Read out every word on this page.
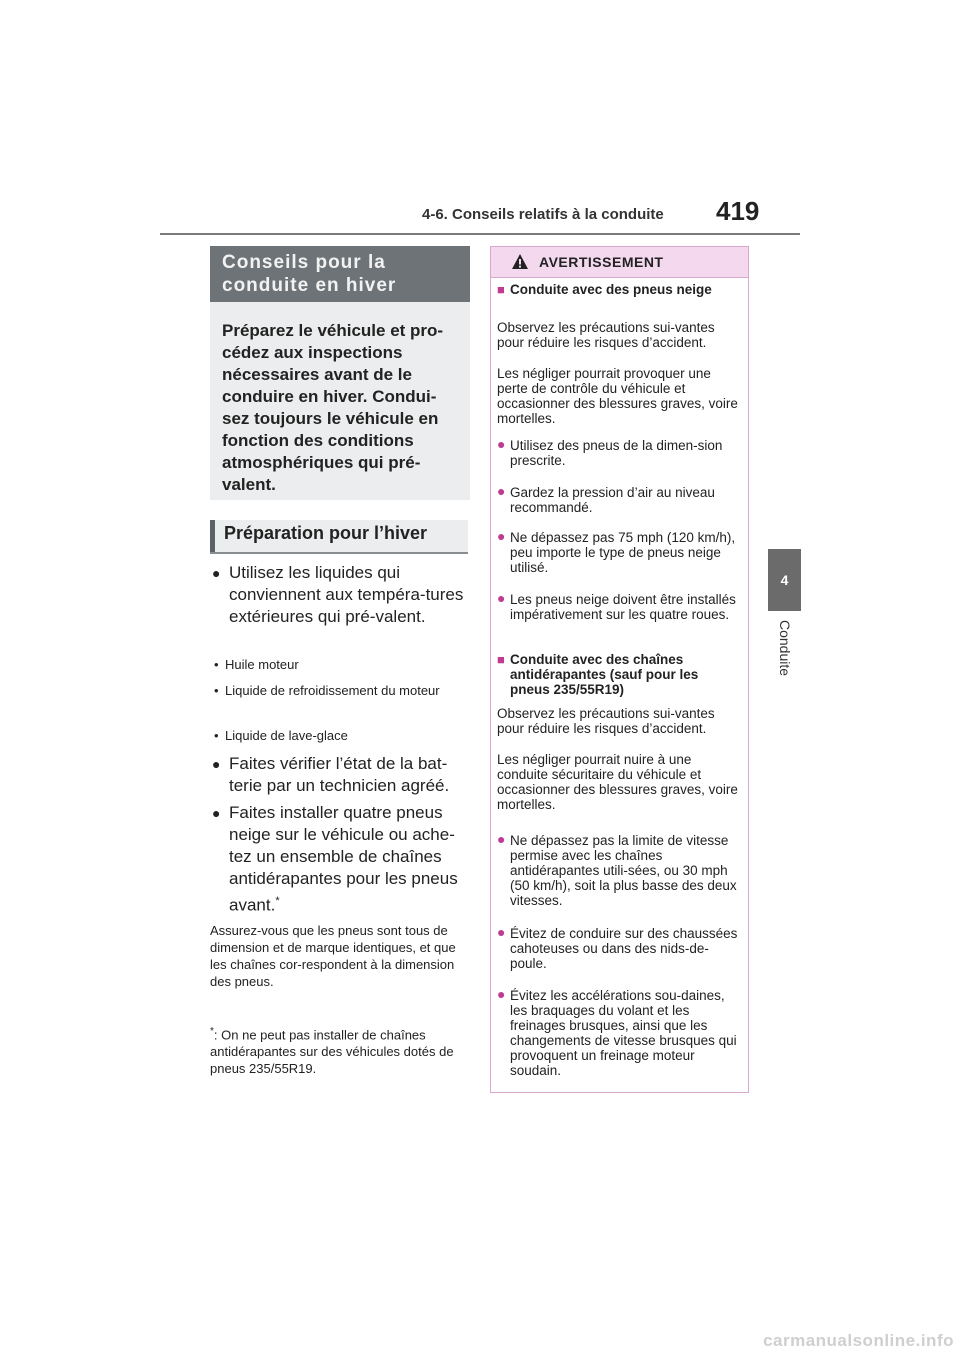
4-6. Conseils relatifs à la conduite 419
4
Conduite
Conseils pour la conduite en hiver
Préparez le véhicule et pro-cédez aux inspections nécessaires avant de le conduire en hiver. Condui-sez toujours le véhicule en fonction des conditions atmosphériques qui pré-valent.
Préparation pour l’hiver
● Utilisez les liquides qui conviennent aux tempéra-tures extérieures qui pré-valent.
• Huile moteur
• Liquide de refroidissement du moteur
• Liquide de lave-glace
● Faites vérifier l’état de la bat-terie par un technicien agréé.
● Faites installer quatre pneus neige sur le véhicule ou ache-tez un ensemble de chaînes antidérapantes pour les pneus avant.*
Assurez-vous que les pneus sont tous de dimension et de marque identiques, et que les chaînes cor-respondent à la dimension des pneus.
*: On ne peut pas installer de chaînes antidérapantes sur des véhicules dotés de pneus 235/55R19.
AVERTISSEMENT
■ Conduite avec des pneus neige
Observez les précautions sui-vantes pour réduire les risques d’accident.
Les négliger pourrait provoquer une perte de contrôle du véhicule et occasionner des blessures graves, voire mortelles.
● Utilisez des pneus de la dimen-sion prescrite.
● Gardez la pression d’air au niveau recommandé.
● Ne dépassez pas 75 mph (120 km/h), peu importe le type de pneus neige utilisé.
● Les pneus neige doivent être installés impérativement sur les quatre roues.
■ Conduite avec des chaînes antidérapantes (sauf pour les pneus 235/55R19)
Observez les précautions sui-vantes pour réduire les risques d’accident.
Les négliger pourrait nuire à une conduite sécuritaire du véhicule et occasionner des blessures graves, voire mortelles.
● Ne dépassez pas la limite de vitesse permise avec les chaînes antidérapantes utili-sées, ou 30 mph (50 km/h), soit la plus basse des deux vitesses.
● Évitez de conduire sur des chaussées cahoteuses ou dans des nids-de-poule.
● Évitez les accélérations sou-daines, les braquages du volant et les freinages brusques, ainsi que les changements de vitesse brusques qui provoquent un freinage moteur soudain.
carmanualsonline.info
